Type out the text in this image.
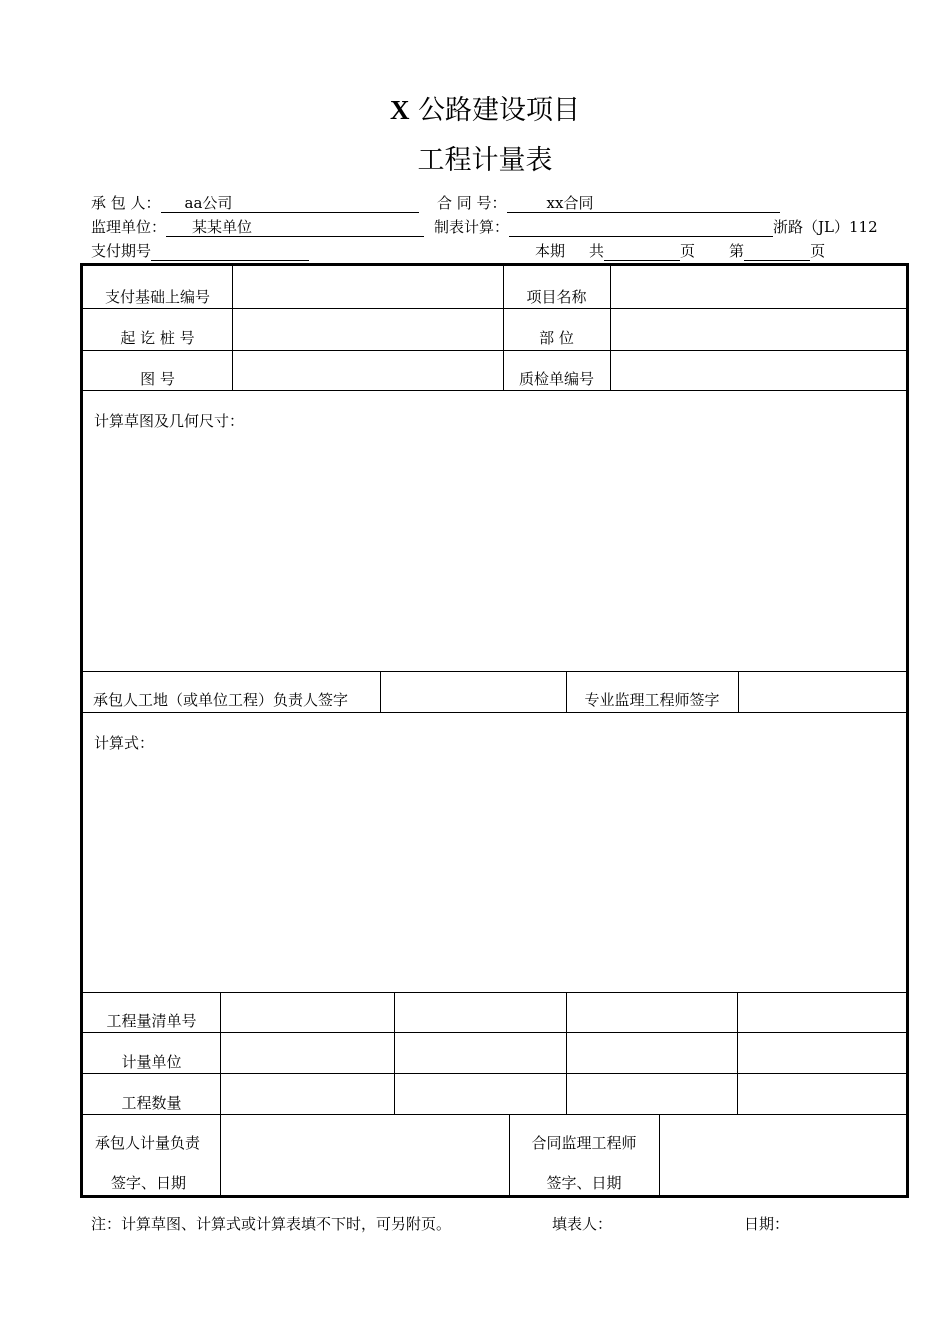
X 公路建设项目
工程计量表
承 包 人： aa公司	合 同 号：	xx合同
监理单位： 某某单位	制表计算：	浙路（JL）112
支付期号	本期 共	页 第	页
支付基础上编号	项目名称
起 讫 桩 号	部 位
图 号	质检单编号
计算草图及几何尺寸：
承包人工地（或单位工程）负责人签字	专业监理工程师签字
计算式：
工程量清单号
计量单位
工程数量
承包人计量负责
签字、日期
合同监理工程师
签字、日期
注：计算草图、计算式或计算表填不下时，可另附页。	填表人：	日期：
